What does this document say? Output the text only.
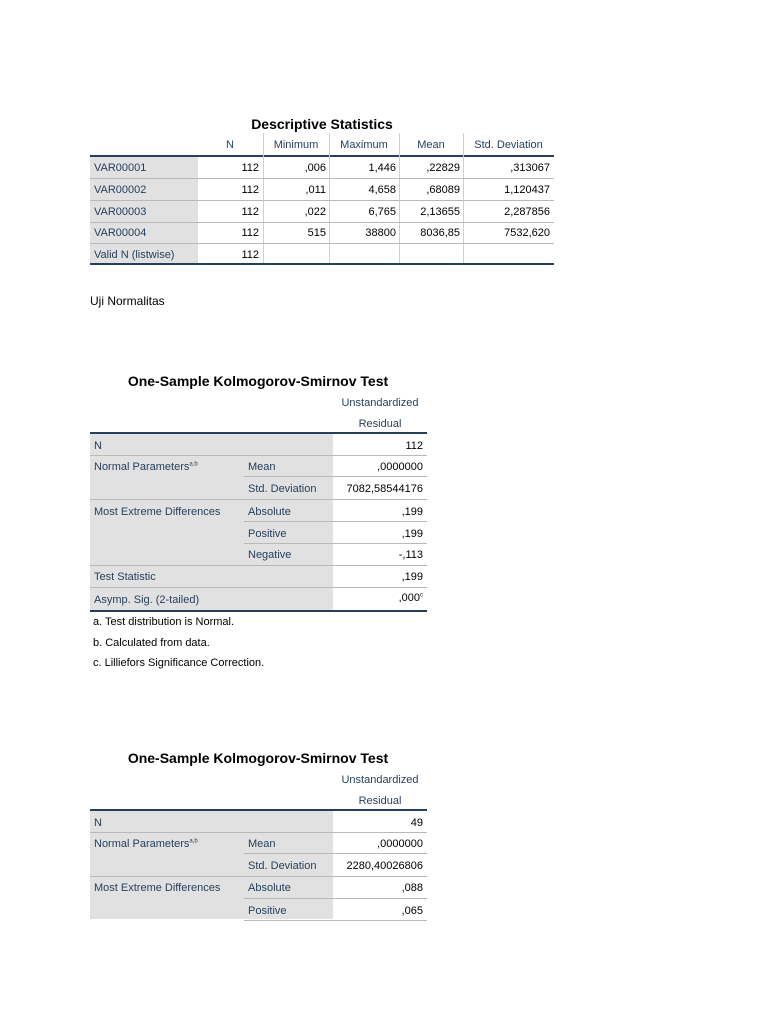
Descriptive Statistics
N	Minimum	Maximum	Mean	Std. Deviation
VAR00001	112	,006	1,446	,22829	,313067
VAR00002	112	,011	4,658	,68089	1,120437
VAR00003	112	,022	6,765	2,13655	2,287856
VAR00004	112	515	38800	8036,85	7532,620
Valid N (listwise)	112
Uji Normalitas
One-Sample Kolmogorov-Smirnov Test
Unstandardized
Residual
N	112
Normal Parameters$^{a,b}$	Mean	,0000000
Std. Deviation	7082,58544176
Most Extreme Differences	Absolute	,199
Positive	,199
Negative	-,113
Test Statistic	,199
Asymp. Sig. (2-tailed)	,000$^c$
a. Test distribution is Normal.
b. Calculated from data.
c. Lilliefors Significance Correction.
One-Sample Kolmogorov-Smirnov Test
Unstandardized
Residual
N	49
Normal Parameters$^{a,b}$	Mean	,0000000
Std. Deviation	2280,40026806
Most Extreme Differences	Absolute	,088
Positive	,065
